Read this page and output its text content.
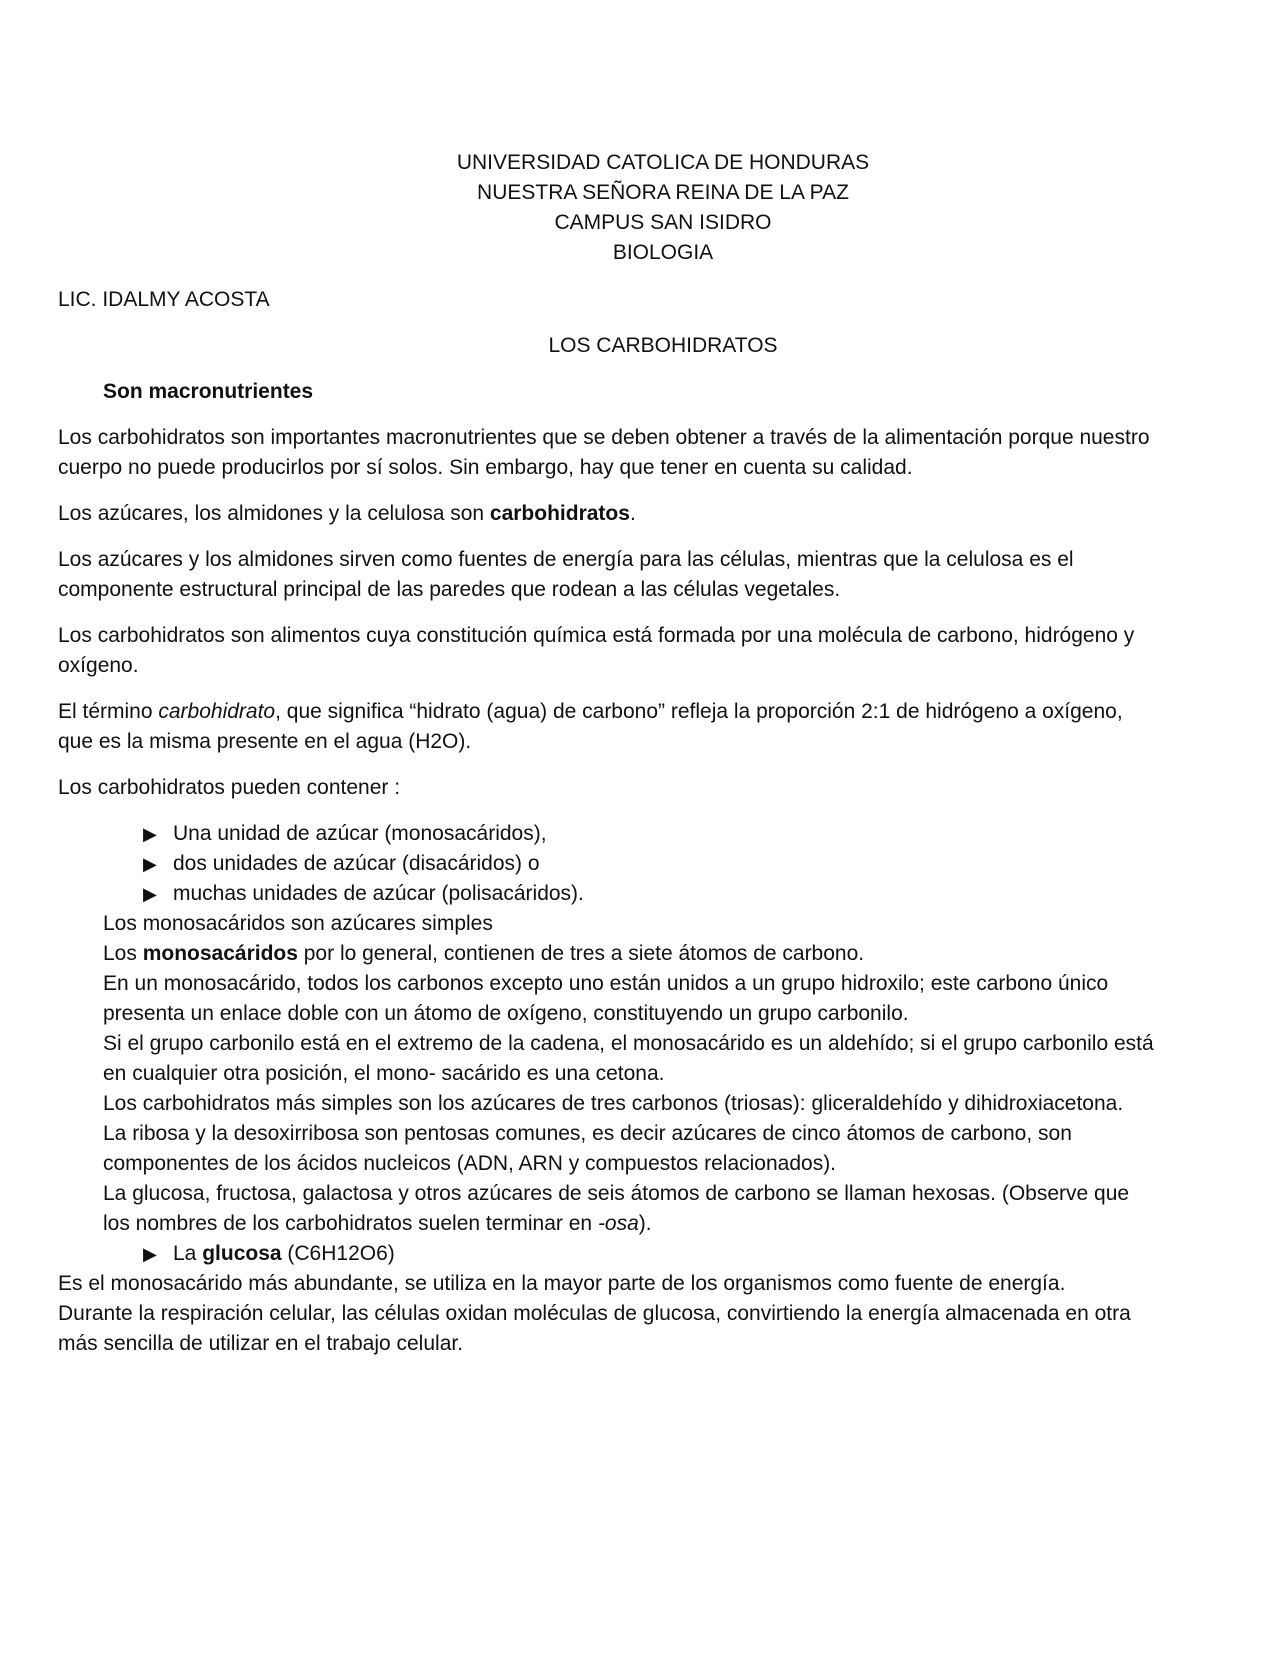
UNIVERSIDAD CATOLICA DE HONDURAS
NUESTRA SEÑORA REINA DE LA PAZ
CAMPUS SAN ISIDRO
BIOLOGIA
LIC. IDALMY ACOSTA
LOS CARBOHIDRATOS
Son macronutrientes
Los carbohidratos son importantes macronutrientes que se deben obtener a través de la alimentación porque nuestro cuerpo no puede producirlos por sí solos. Sin embargo, hay que tener en cuenta su calidad.
Los azúcares, los almidones y la celulosa son carbohidratos.
Los azúcares y los almidones sirven como fuentes de energía para las células, mientras que la celulosa es el componente estructural principal de las paredes que rodean a las células vegetales.
Los carbohidratos son alimentos cuya constitución química está formada por una molécula de carbono, hidrógeno y oxígeno.
El término carbohidrato, que significa “hidrato (agua) de carbono” refleja la proporción 2:1 de hidrógeno a oxígeno, que es la misma presente en el agua (H2O).
Los carbohidratos pueden contener :
▶ Una unidad de azúcar (monosacáridos),
▶ dos unidades de azúcar (disacáridos) o
▶ muchas unidades de azúcar (polisacáridos).

Los monosacáridos son azúcares simples

Los monosacáridos por lo general, contienen de tres a siete átomos de carbono.

En un monosacárido, todos los carbonos excepto uno están unidos a un grupo hidroxilo; este carbono único presenta un enlace doble con un átomo de oxígeno, constituyendo un grupo carbonilo.

Si el grupo carbonilo está en el extremo de la cadena, el monosacárido es un aldehído; si el grupo carbonilo está en cualquier otra posición, el mono- sacárido es una cetona.

Los carbohidratos más simples son los azúcares de tres carbonos (triosas): gliceraldehído y dihidroxiacetona.

La ribosa y la desoxirribosa son pentosas comunes, es decir azúcares de cinco átomos de carbono, son componentes de los ácidos nucleicos (ADN, ARN y compuestos relacionados).

La glucosa, fructosa, galactosa y otros azúcares de seis átomos de carbono se llaman hexosas. (Observe que los nombres de los carbohidratos suelen terminar en -osa).

▶ La glucosa (C6H12O6)

Es el monosacárido más abundante, se utiliza en la mayor parte de los organismos como fuente de energía.

Durante la respiración celular, las células oxidan moléculas de glucosa, convirtiendo la energía almacenada en otra más sencilla de utilizar en el trabajo celular.
